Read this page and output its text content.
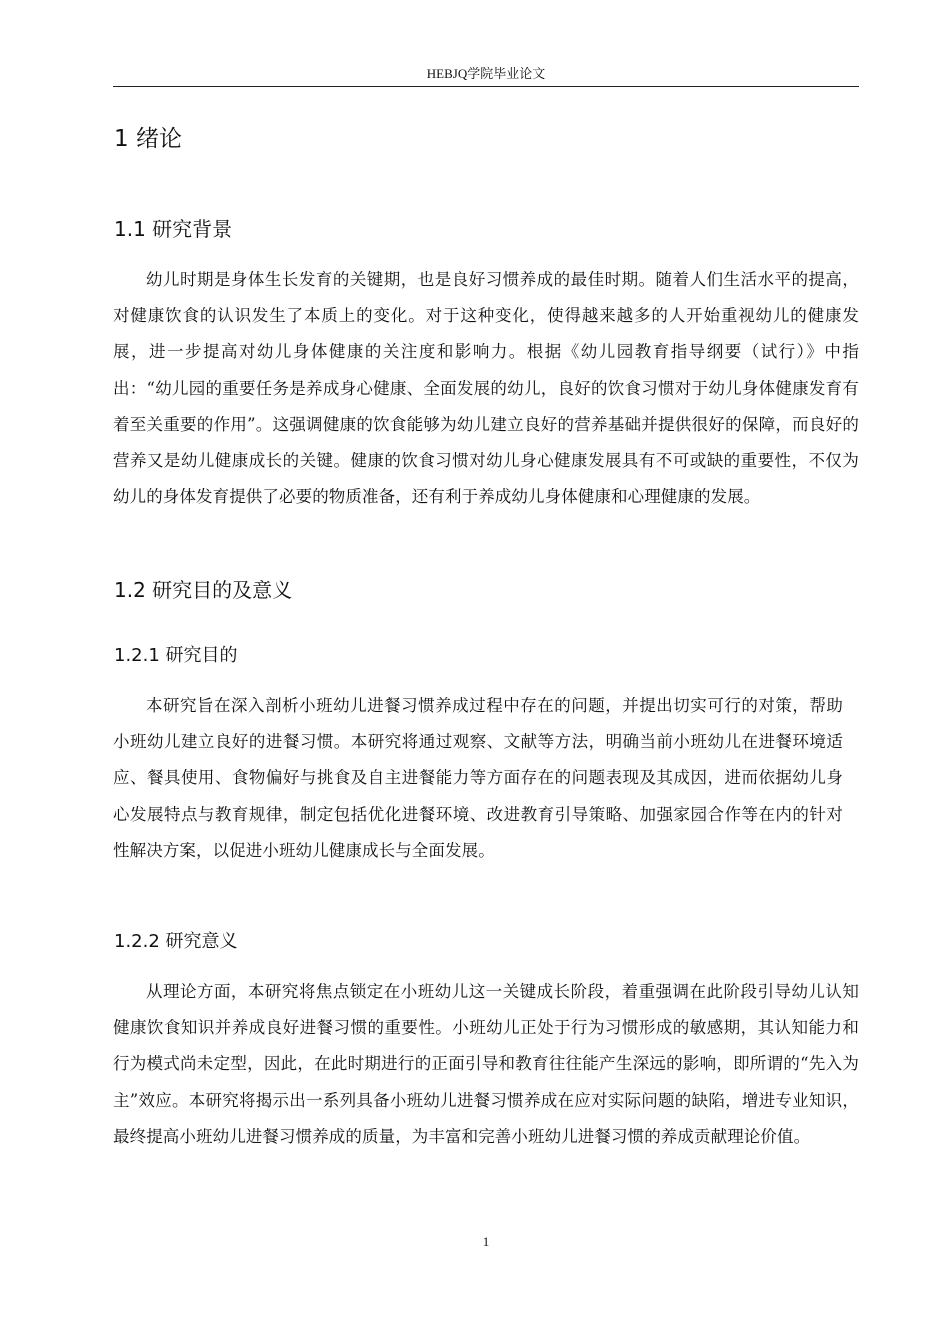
HEBJQ学院毕业论文
1 绪论
1.1 研究背景

幼儿时期是身体生长发育的关键期，也是良好习惯养成的最佳时期。随着人们生活水平的提高，对健康饮食的认识发生了本质上的变化。对于这种变化，使得越来越多的人开始重视幼儿的健康发展，进一步提高对幼儿身体健康的关注度和影响力。根据《幼儿园教育指导纲要（试行）》中指出：“幼儿园的重要任务是养成身心健康、全面发展的幼儿，良好的饮食习惯对于幼儿身体健康发育有着至关重要的作用”。这强调健康的饮食能够为幼儿建立良好的营养基础并提供很好的保障，而良好的营养又是幼儿健康成长的关键。健康的饮食习惯对幼儿身心健康发展具有不可或缺的重要性，不仅为幼儿的身体发育提供了必要的物质准备，还有利于养成幼儿身体健康和心理健康的发展。

1.2 研究目的及意义
1.2.1 研究目的

本研究旨在深入剖析小班幼儿进餐习惯养成过程中存在的问题，并提出切实可行的对策，帮助小班幼儿建立良好的进餐习惯。本研究将通过观察、文献等方法，明确当前小班幼儿在进餐环境适应、餐具使用、食物偏好与挑食及自主进餐能力等方面存在的问题表现及其成因，进而依据幼儿身心发展特点与教育规律，制定包括优化进餐环境、改进教育引导策略、加强家园合作等在内的针对性解决方案，以促进小班幼儿健康成长与全面发展。

1.2.2 研究意义

从理论方面，本研究将焦点锁定在小班幼儿这一关键成长阶段，着重强调在此阶段引导幼儿认知健康饮食知识并养成良好进餐习惯的重要性。小班幼儿正处于行为习惯形成的敏感期，其认知能力和行为模式尚未定型，因此，在此时期进行的正面引导和教育往往能产生深远的影响，即所谓的“先入为主”效应。本研究将揭示出一系列具备小班幼儿进餐习惯养成在应对实际问题的缺陷，增进专业知识，最终提高小班幼儿进餐习惯养成的质量，为丰富和完善小班幼儿进餐习惯的养成贡献理论价值。

1
